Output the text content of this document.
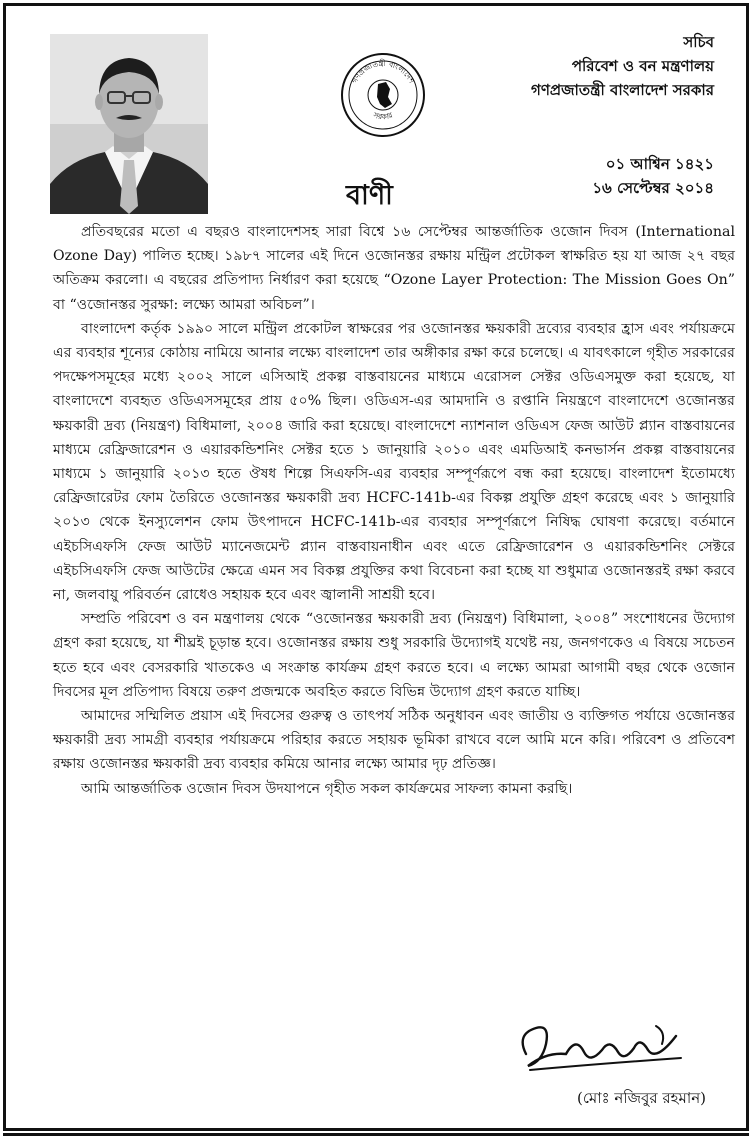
গণপ্রজাতন্ত্রী বাংলাদেশ
সরকার
সচিব
পরিবেশ ও বন মন্ত্রণালয়
গণপ্রজাতন্ত্রী বাংলাদেশ সরকার
০১ আশ্বিন ১৪২১
১৬ সেপ্টেম্বর ২০১৪
বাণী

প্রতিবছরের মতো এ বছরও বাংলাদেশসহ সারা বিশ্বে ১৬ সেপ্টেম্বর আন্তর্জাতিক ওজোন দিবস (International Ozone Day) পালিত হচ্ছে। ১৯৮৭ সালের এই দিনে ওজোনস্তর রক্ষায় মন্ট্রিল প্রটোকল স্বাক্ষরিত হয় যা আজ ২৭ বছর অতিক্রম করলো। এ বছরের প্রতিপাদ্য নির্ধারণ করা হয়েছে “Ozone Layer Protection: The Mission Goes On” বা “ওজোনস্তর সুরক্ষা: লক্ষ্যে আমরা অবিচল”।

বাংলাদেশ কর্তৃক ১৯৯০ সালে মন্ট্রিল প্রকোটল স্বাক্ষরের পর ওজোনস্তর ক্ষয়কারী দ্রব্যের ব্যবহার হ্রাস এবং পর্যায়ক্রমে এর ব্যবহার শূন্যের কোঠায় নামিয়ে আনার লক্ষ্যে বাংলাদেশ তার অঙ্গীকার রক্ষা করে চলেছে। এ যাবৎকালে গৃহীত সরকারের পদক্ষেপসমূহের মধ্যে ২০০২ সালে এসিআই প্রকল্প বাস্তবায়নের মাধ্যমে এরোসল সেক্টর ওডিএসমুক্ত করা হয়েছে, যা বাংলাদেশে ব্যবহৃত ওডিএসসমূহের প্রায় ৫০% ছিল। ওডিএস-এর আমদানি ও রপ্তানি নিয়ন্ত্রণে বাংলাদেশে ওজোনস্তর ক্ষয়কারী দ্রব্য (নিয়ন্ত্রণ) বিধিমালা, ২০০৪ জারি করা হয়েছে। বাংলাদেশে ন্যাশনাল ওডিএস ফেজ আউট প্ল্যান বাস্তবায়নের মাধ্যমে রেফ্রিজারেশন ও এয়ারকন্ডিশনিং সেক্টর হতে ১ জানুয়ারি ২০১০ এবং এমডিআই কনভার্সন প্রকল্প বাস্তবায়নের মাধ্যমে ১ জানুয়ারি ২০১৩ হতে ঔষধ শিল্পে সিএফসি-এর ব্যবহার সম্পূর্ণরূপে বন্ধ করা হয়েছে। বাংলাদেশ ইতোমধ্যে রেফ্রিজারেটর ফোম তৈরিতে ওজোনস্তর ক্ষয়কারী দ্রব্য HCFC-141b-এর বিকল্প প্রযুক্তি গ্রহণ করেছে এবং ১ জানুয়ারি ২০১৩ থেকে ইনস্যুলেশন ফোম উৎপাদনে HCFC-141b-এর ব্যবহার সম্পূর্ণরূপে নিষিদ্ধ ঘোষণা করেছে। বর্তমানে এইচসিএফসি ফেজ আউট ম্যানেজমেন্ট প্ল্যান বাস্তবায়নাধীন এবং এতে রেফ্রিজারেশন ও এয়ারকন্ডিশনিং সেক্টরে এইচসিএফসি ফেজ আউটের ক্ষেত্রে এমন সব বিকল্প প্রযুক্তির কথা বিবেচনা করা হচ্ছে যা শুধুমাত্র ওজোনস্তরই রক্ষা করবে না, জলবায়ু পরিবর্তন রোধেও সহায়ক হবে এবং জ্বালানী সাশ্রয়ী হবে।

সম্প্রতি পরিবেশ ও বন মন্ত্রণালয় থেকে “ওজোনস্তর ক্ষয়কারী দ্রব্য (নিয়ন্ত্রণ) বিধিমালা, ২০০৪” সংশোধনের উদ্যোগ গ্রহণ করা হয়েছে, যা শীঘ্রই চূড়ান্ত হবে। ওজোনস্তর রক্ষায় শুধু সরকারি উদ্যোগই যথেষ্ট নয়, জনগণকেও এ বিষয়ে সচেতন হতে হবে এবং বেসরকারি খাতকেও এ সংক্রান্ত কার্যক্রম গ্রহণ করতে হবে। এ লক্ষ্যে আমরা আগামী বছর থেকে ওজোন দিবসের মূল প্রতিপাদ্য বিষয়ে তরুণ প্রজন্মকে অবহিত করতে বিভিন্ন উদ্যোগ গ্রহণ করতে যাচ্ছি।

আমাদের সম্মিলিত প্রয়াস এই দিবসের গুরুত্ব ও তাৎপর্য সঠিক অনুধাবন এবং জাতীয় ও ব্যক্তিগত পর্যায়ে ওজোনস্তর ক্ষয়কারী দ্রব্য সামগ্রী ব্যবহার পর্যায়ক্রমে পরিহার করতে সহায়ক ভূমিকা রাখবে বলে আমি মনে করি। পরিবেশ ও প্রতিবেশ রক্ষায় ওজোনস্তর ক্ষয়কারী দ্রব্য ব্যবহার কমিয়ে আনার লক্ষ্যে আমার দৃঢ় প্রতিজ্ঞ।

আমি আন্তর্জাতিক ওজোন দিবস উদযাপনে গৃহীত সকল কার্যক্রমের সাফল্য কামনা করছি।

(মোঃ নজিবুর রহমান)
